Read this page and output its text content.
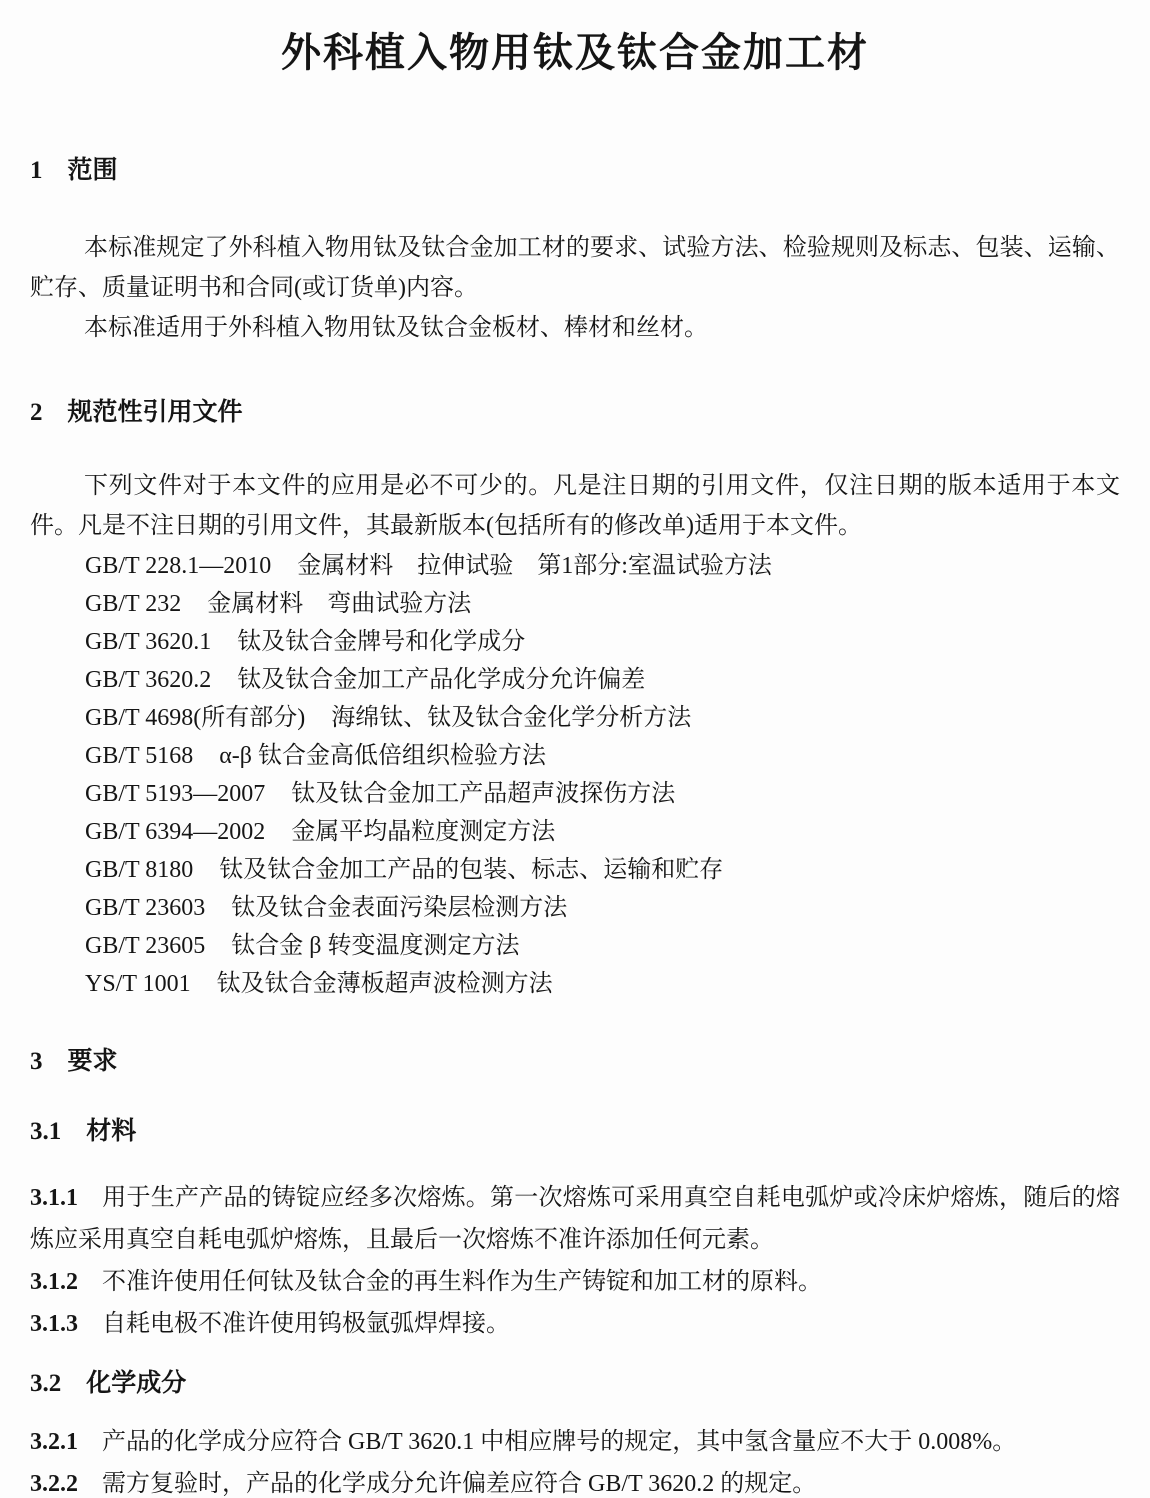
外科植入物用钛及钛合金加工材
1 范围

本标准规定了外科植入物用钛及钛合金加工材的要求、试验方法、检验规则及标志、包装、运输、贮存、质量证明书和合同(或订货单)内容。

本标准适用于外科植入物用钛及钛合金板材、棒材和丝材。

2 规范性引用文件

下列文件对于本文件的应用是必不可少的。凡是注日期的引用文件，仅注日期的版本适用于本文件。凡是不注日期的引用文件，其最新版本(包括所有的修改单)适用于本文件。

GB/T 228.1—2010 金属材料　拉伸试验　第1部分:室温试验方法
GB/T 232 金属材料　弯曲试验方法
GB/T 3620.1 钛及钛合金牌号和化学成分
GB/T 3620.2 钛及钛合金加工产品化学成分允许偏差
GB/T 4698(所有部分) 海绵钛、钛及钛合金化学分析方法
GB/T 5168 α-β 钛合金高低倍组织检验方法
GB/T 5193—2007 钛及钛合金加工产品超声波探伤方法
GB/T 6394—2002 金属平均晶粒度测定方法
GB/T 8180 钛及钛合金加工产品的包装、标志、运输和贮存
GB/T 23603 钛及钛合金表面污染层检测方法
GB/T 23605 钛合金 β 转变温度测定方法
YS/T 1001 钛及钛合金薄板超声波检测方法
3 要求
3.1 材料

3.1.1 用于生产产品的铸锭应经多次熔炼。第一次熔炼可采用真空自耗电弧炉或冷床炉熔炼，随后的熔炼应采用真空自耗电弧炉熔炼，且最后一次熔炼不准许添加任何元素。

3.1.2 不准许使用任何钛及钛合金的再生料作为生产铸锭和加工材的原料。

3.1.3 自耗电极不准许使用钨极氩弧焊焊接。

3.2 化学成分

3.2.1 产品的化学成分应符合 GB/T 3620.1 中相应牌号的规定，其中氢含量应不大于 0.008%。

3.2.2 需方复验时，产品的化学成分允许偏差应符合 GB/T 3620.2 的规定。
